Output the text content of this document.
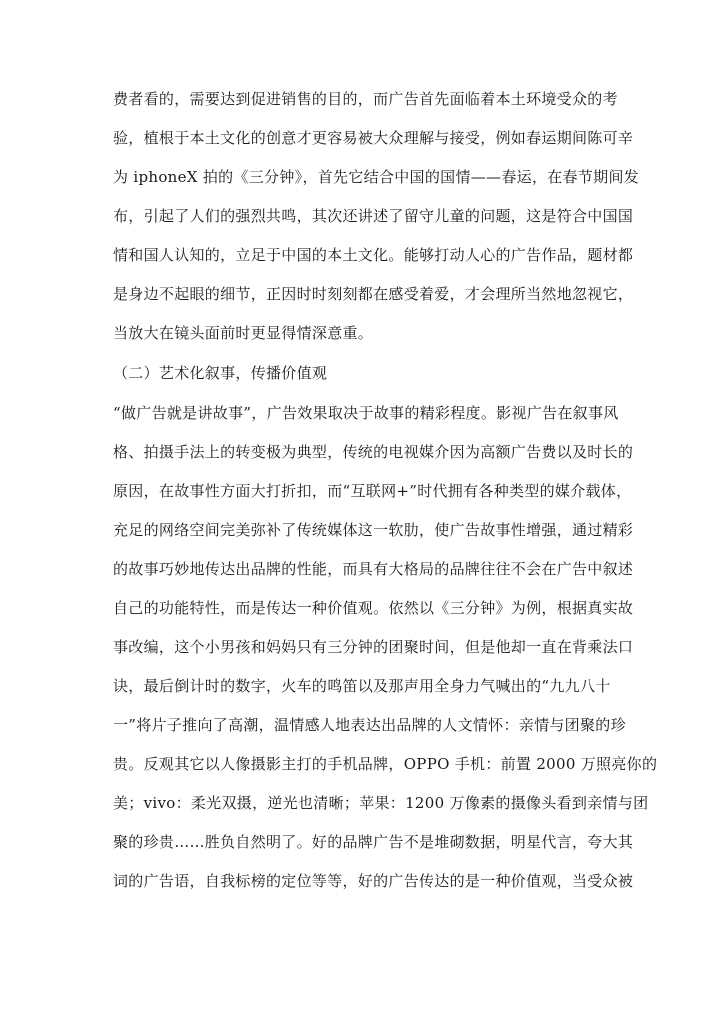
费者看的，需要达到促进销售的目的，而广告首先面临着本土环境受众的考
验，植根于本土文化的创意才更容易被大众理解与接受，例如春运期间陈可辛
为 iphoneX 拍的《三分钟》，首先它结合中国的国情——春运，在春节期间发
布，引起了人们的强烈共鸣，其次还讲述了留守儿童的问题，这是符合中国国
情和国人认知的，立足于中国的本土文化。能够打动人心的广告作品，题材都
是身边不起眼的细节，正因时时刻刻都在感受着爱，才会理所当然地忽视它，
当放大在镜头面前时更显得情深意重。
（二）艺术化叙事，传播价值观
“做广告就是讲故事”，广告效果取决于故事的精彩程度。影视广告在叙事风
格、拍摄手法上的转变极为典型，传统的电视媒介因为高额广告费以及时长的
原因，在故事性方面大打折扣，而“互联网+”时代拥有各种类型的媒介载体，
充足的网络空间完美弥补了传统媒体这一软肋，使广告故事性增强，通过精彩
的故事巧妙地传达出品牌的性能，而具有大格局的品牌往往不会在广告中叙述
自己的功能特性，而是传达一种价值观。依然以《三分钟》为例，根据真实故
事改编，这个小男孩和妈妈只有三分钟的团聚时间，但是他却一直在背乘法口
诀，最后倒计时的数字，火车的鸣笛以及那声用全身力气喊出的“九九八十
一”将片子推向了高潮，温情感人地表达出品牌的人文情怀：亲情与团聚的珍
贵。反观其它以人像摄影主打的手机品牌，OPPO 手机：前置 2000 万照亮你的
美；vivo：柔光双摄，逆光也清晰；苹果：1200 万像素的摄像头看到亲情与团
聚的珍贵……胜负自然明了。好的品牌广告不是堆砌数据，明星代言，夸大其
词的广告语，自我标榜的定位等等，好的广告传达的是一种价值观，当受众被
